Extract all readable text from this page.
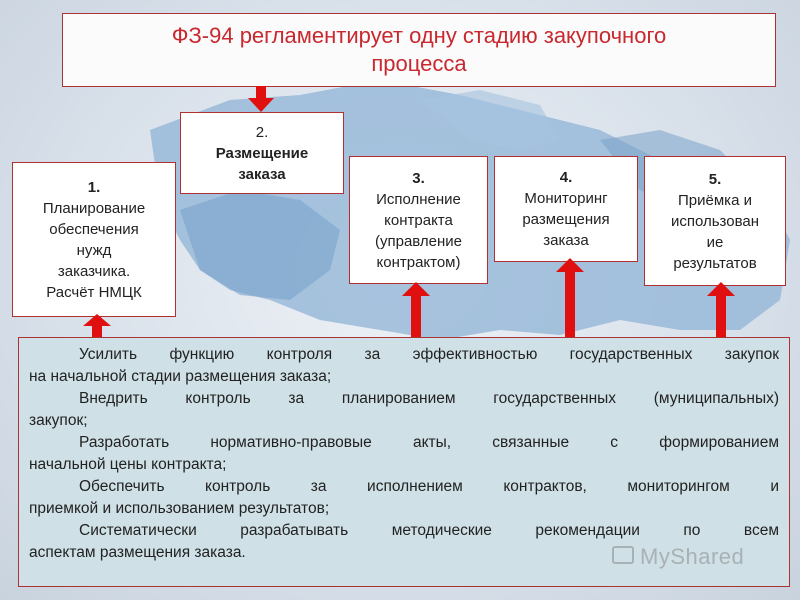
ФЗ-94 регламентирует одну стадию закупочного
процесса
2.
Размещение
заказа
1.
Планирование
обеспечения
нужд
заказчика.
Расчёт НМЦК
3.
Исполнение
контракта
(управление
контрактом)
4.
Мониторинг
размещения
заказа
5.
Приёмка и
использован
ие
результатов
Усилить функцию контроля за эффективностью государственных закупок
на начальной стадии размещения заказа;
Внедрить контроль за планированием государственных (муниципальных)
закупок;
Разработать нормативно-правовые акты, связанные с формированием
начальной цены контракта;
Обеспечить контроль за исполнением контрактов, мониторингом и
приемкой и использованием результатов;
Систематически разрабатывать методические рекомендации по всем
аспектам размещения заказа.	MyShared
